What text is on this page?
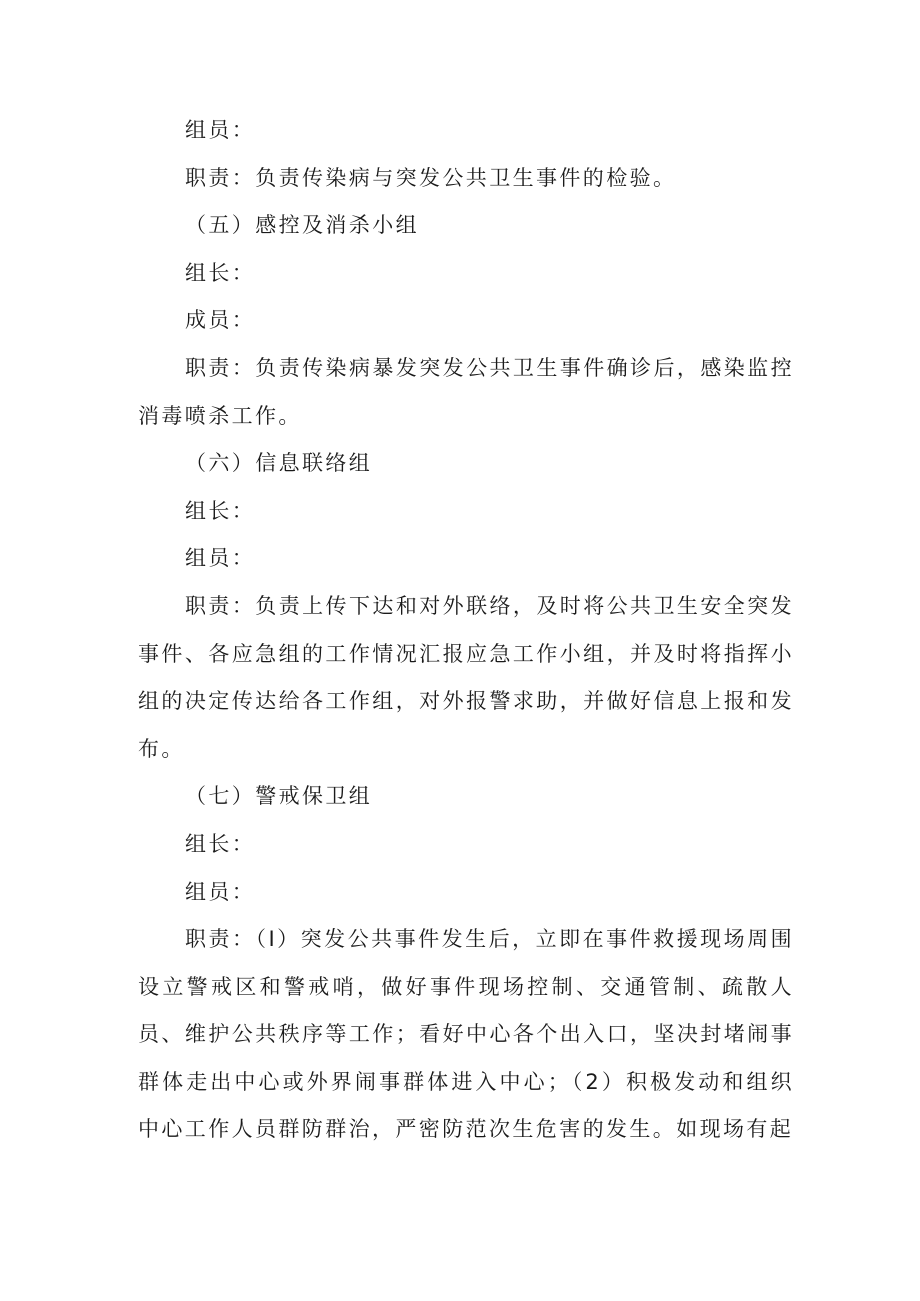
组员：

职责：负责传染病与突发公共卫生事件的检验。

（五）感控及消杀小组

组长：

成员：

职责：负责传染病暴发突发公共卫生事件确诊后，感染监控消毒喷杀工作。

（六）信息联络组

组长：

组员：

职责：负责上传下达和对外联络，及时将公共卫生安全突发事件、各应急组的工作情况汇报应急工作小组，并及时将指挥小组的决定传达给各工作组，对外报警求助，并做好信息上报和发布。

（七）警戒保卫组

组长：

组员：

职责：（I）突发公共事件发生后，立即在事件救援现场周围设立警戒区和警戒哨，做好事件现场控制、交通管制、疏散人员、维护公共秩序等工作；看好中心各个出入口，坚决封堵闹事群体走出中心或外界闹事群体进入中心；（2）积极发动和组织中心工作人员群防群治，严密防范次生危害的发生。如现场有起
